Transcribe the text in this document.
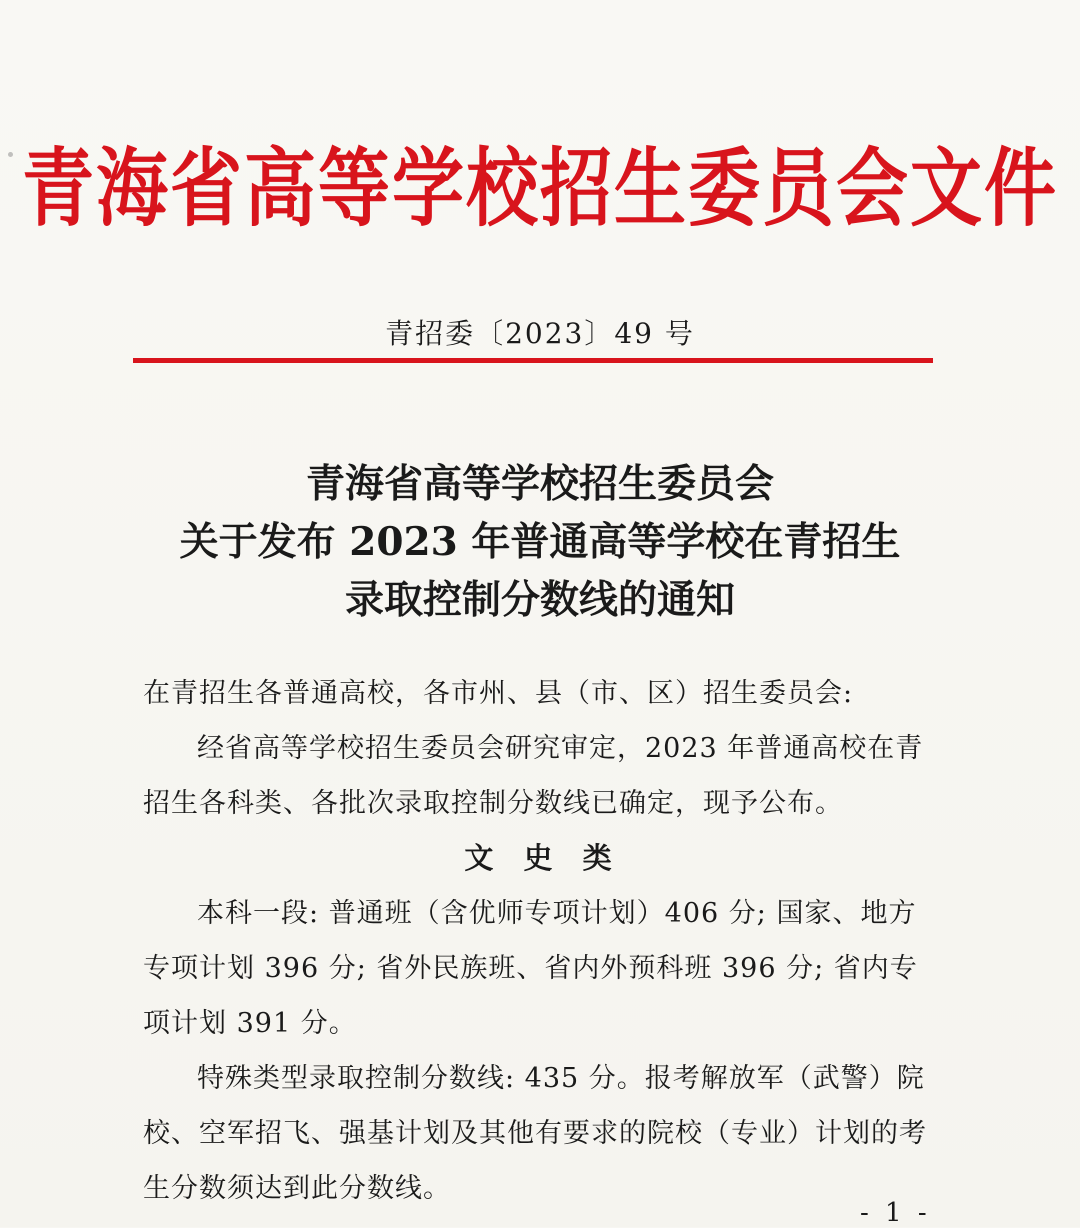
青海省高等学校招生委员会文件
青招委〔2023〕49 号
青海省高等学校招生委员会
关于发布 2023 年普通高等学校在青招生
录取控制分数线的通知

在青招生各普通高校，各市州、县（市、区）招生委员会:

经省高等学校招生委员会研究审定，2023 年普通高校在青招生各科类、各批次录取控制分数线已确定，现予公布。

文 史 类

本科一段: 普通班（含优师专项计划）406 分; 国家、地方专项计划 396 分; 省外民族班、省内外预科班 396 分; 省内专项计划 391 分。

特殊类型录取控制分数线: 435 分。报考解放军（武警）院校、空军招飞、强基计划及其他有要求的院校（专业）计划的考生分数须达到此分数线。

- 1 -
